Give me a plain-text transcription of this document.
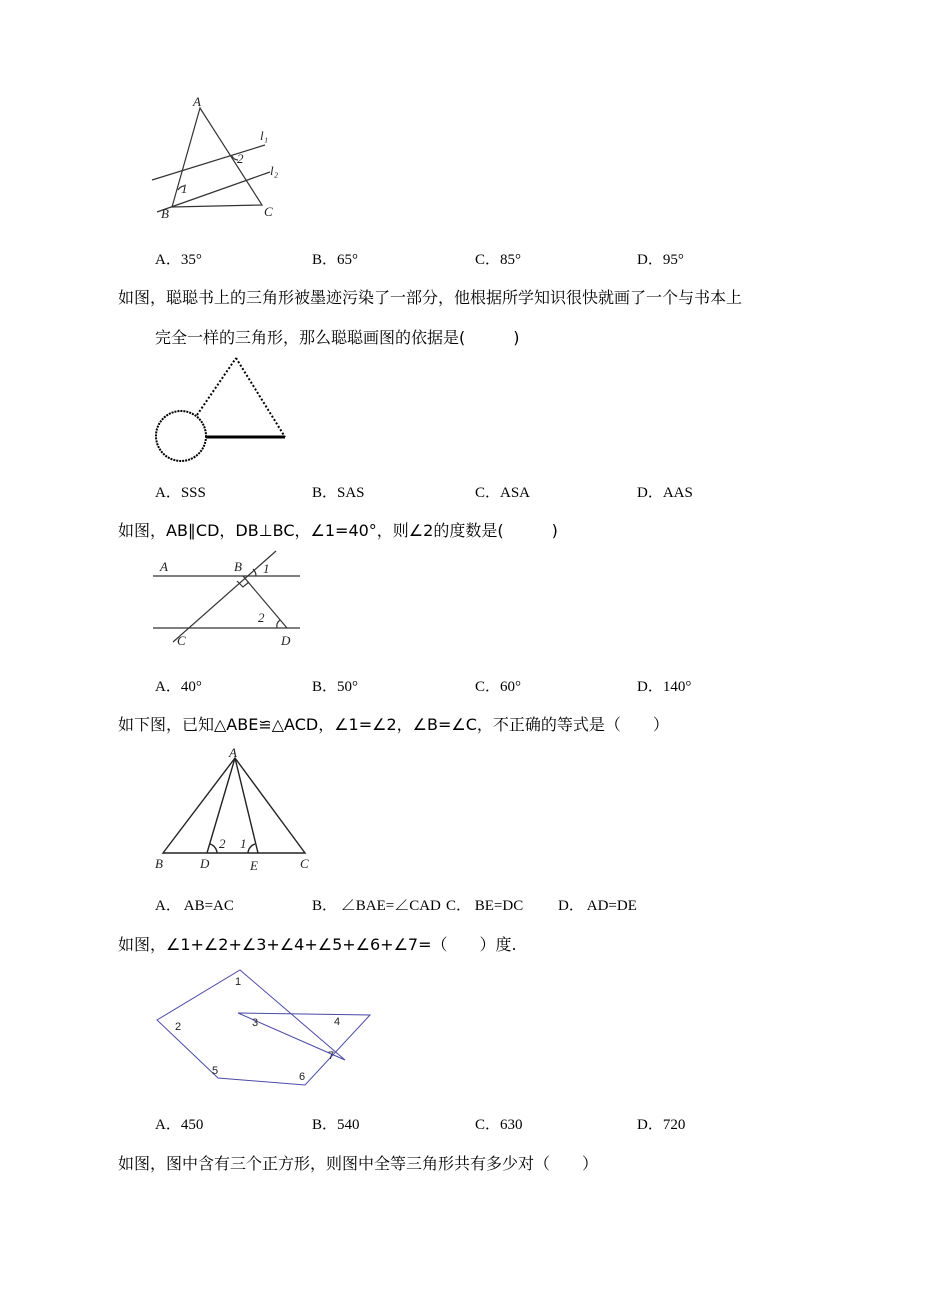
A
B	C
l₁
l₂
1
2
A	B
C	D
1
2
A
B	D	E	C
2 1
1
2	3	4
5	6
7
A．35°	B．65°	C．85°	D．95°
如图，聪聪书上的三角形被墨迹污染了一部分，他根据所学知识很快就画了一个与书本上
完全一样的三角形，那么聪聪画图的依据是(　　　)
A．SSS	B．SAS	C．ASA	D．AAS
如图，AB∥CD，DB⊥BC，∠1=40°，则∠2的度数是(　　　)
A．40°	B．50°	C．60°	D．140°
如下图，已知△ABE≌△ACD，∠1=∠2，∠B=∠C，不正确的等式是（　　）
A． AB=AC	B． ∠BAE=∠CAD C． BE=DC D． AD=DE
如图，∠1+∠2+∠3+∠4+∠5+∠6+∠7=（　　）度.
A．450	B．540	C．630	D．720
如图，图中含有三个正方形，则图中全等三角形共有多少对（　　）
